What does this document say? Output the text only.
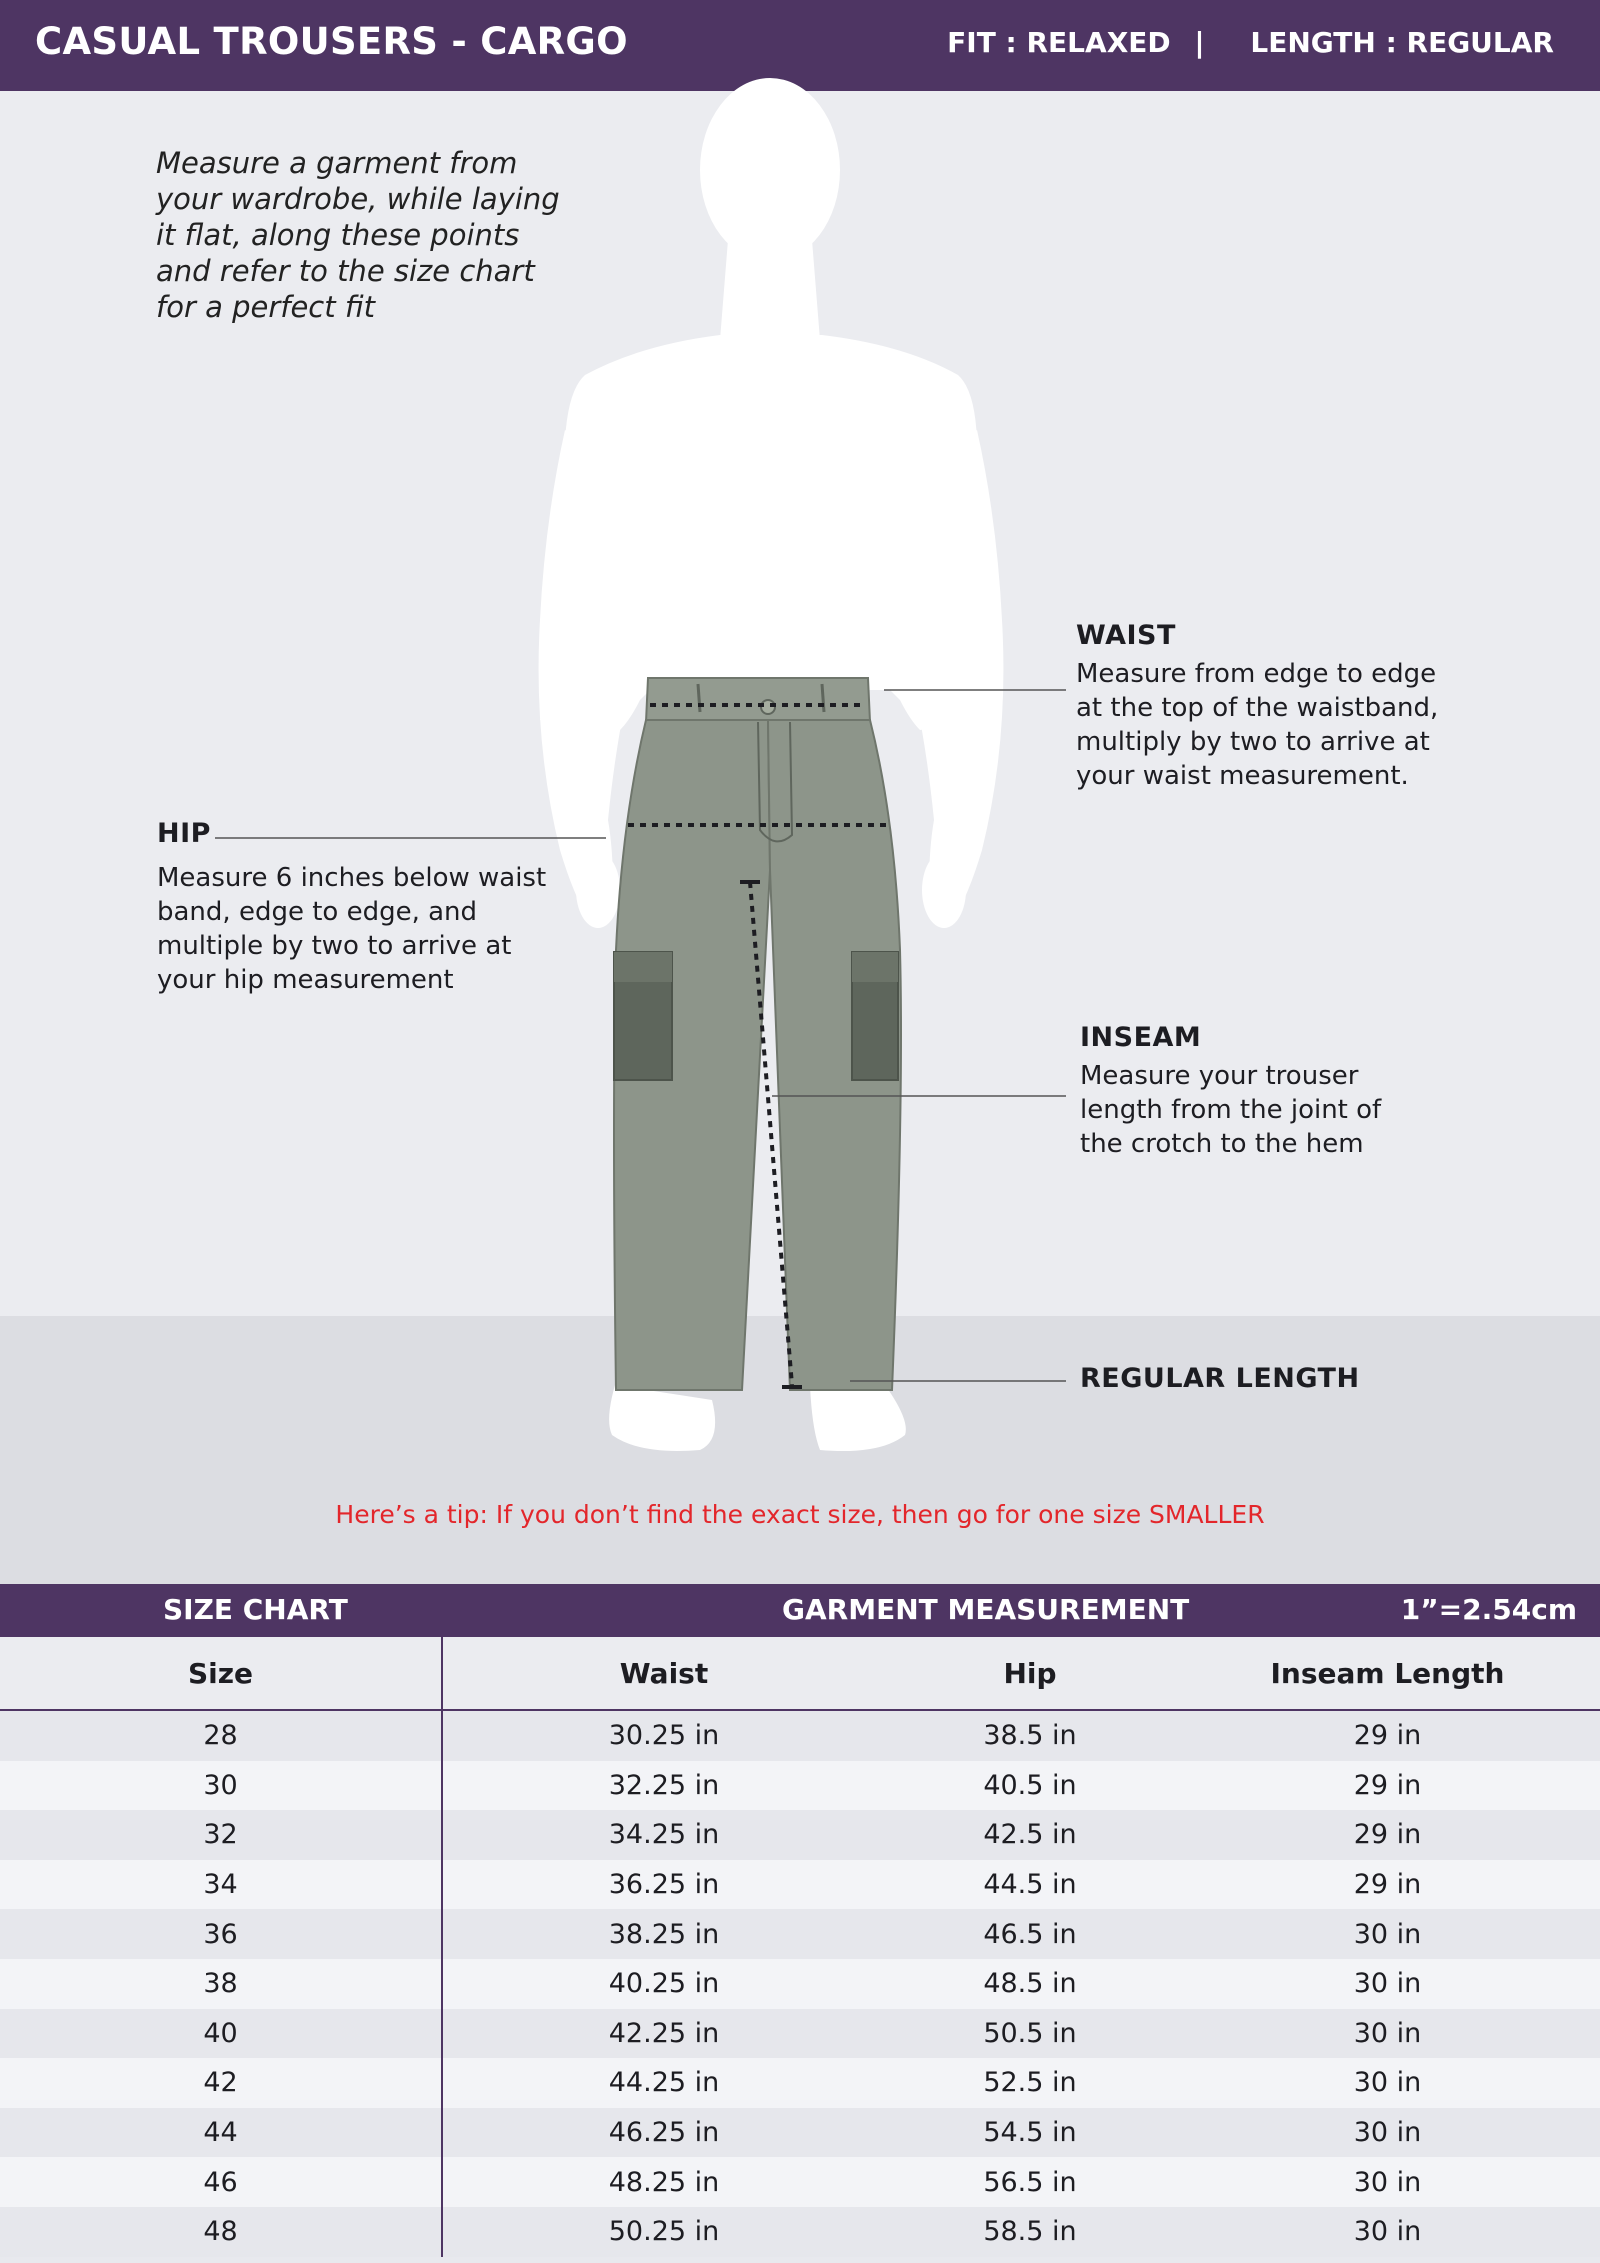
CASUAL TROUSERS - CARGO	FIT : RELAXED | LENGTH : REGULAR
Measure a garment from your wardrobe, while laying it flat, along these points and refer to the size chart for a perfect fit
WAIST
Measure from edge to edge at the top of the waistband, multiply by two to arrive at your waist measurement.
HIP
Measure 6 inches below waist band, edge to edge, and multiple by two to arrive at your hip measurement
INSEAM
Measure your trouser length from the joint of the crotch to the hem
REGULAR LENGTH
Here’s a tip: If you don’t find the exact size, then go for one size SMALLER
SIZE CHART	GARMENT MEASUREMENT	1”=2.54cm
Size	Waist	Hip	Inseam Length
28	30.25 in	38.5 in	29 in
30	32.25 in	40.5 in	29 in
32	34.25 in	42.5 in	29 in
34	36.25 in	44.5 in	29 in
36	38.25 in	46.5 in	30 in
38	40.25 in	48.5 in	30 in
40	42.25 in	50.5 in	30 in
42	44.25 in	52.5 in	30 in
44	46.25 in	54.5 in	30 in
46	48.25 in	56.5 in	30 in
48	50.25 in	58.5 in	30 in
